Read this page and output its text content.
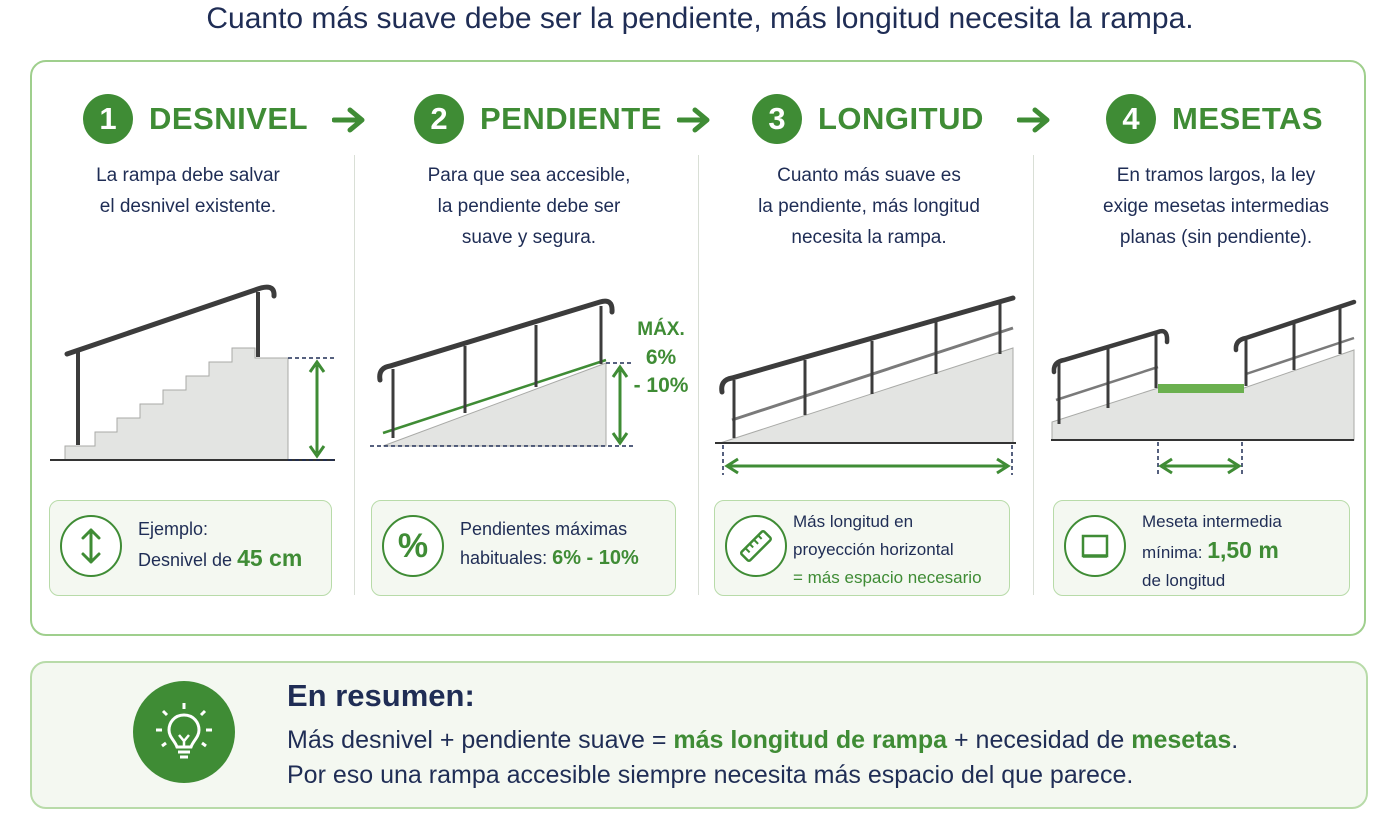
Cuanto más suave debe ser la pendiente, más longitud necesita la rampa.
1	DESNIVEL	2	PENDIENTE	3	LONGITUD	4	MESETAS
La rampa debe salvar
el desnivel existente.
Para que sea accesible,
la pendiente debe ser
suave y segura.
Cuanto más suave es
la pendiente, más longitud
necesita la rampa.
En tramos largos, la ley
exige mesetas intermedias
planas (sin pendiente).
MÁX.
6%
- 10%
Ejemplo:
Desnivel de 45 cm	% Pendientes máximas
habituales: 6% - 10%
Más longitud en
proyección horizontal
= más espacio necesario
Meseta intermedia
mínima: 1,50 m
de longitud
En resumen:
Más desnivel + pendiente suave = más longitud de rampa + necesidad de mesetas.
Por eso una rampa accesible siempre necesita más espacio del que parece.
